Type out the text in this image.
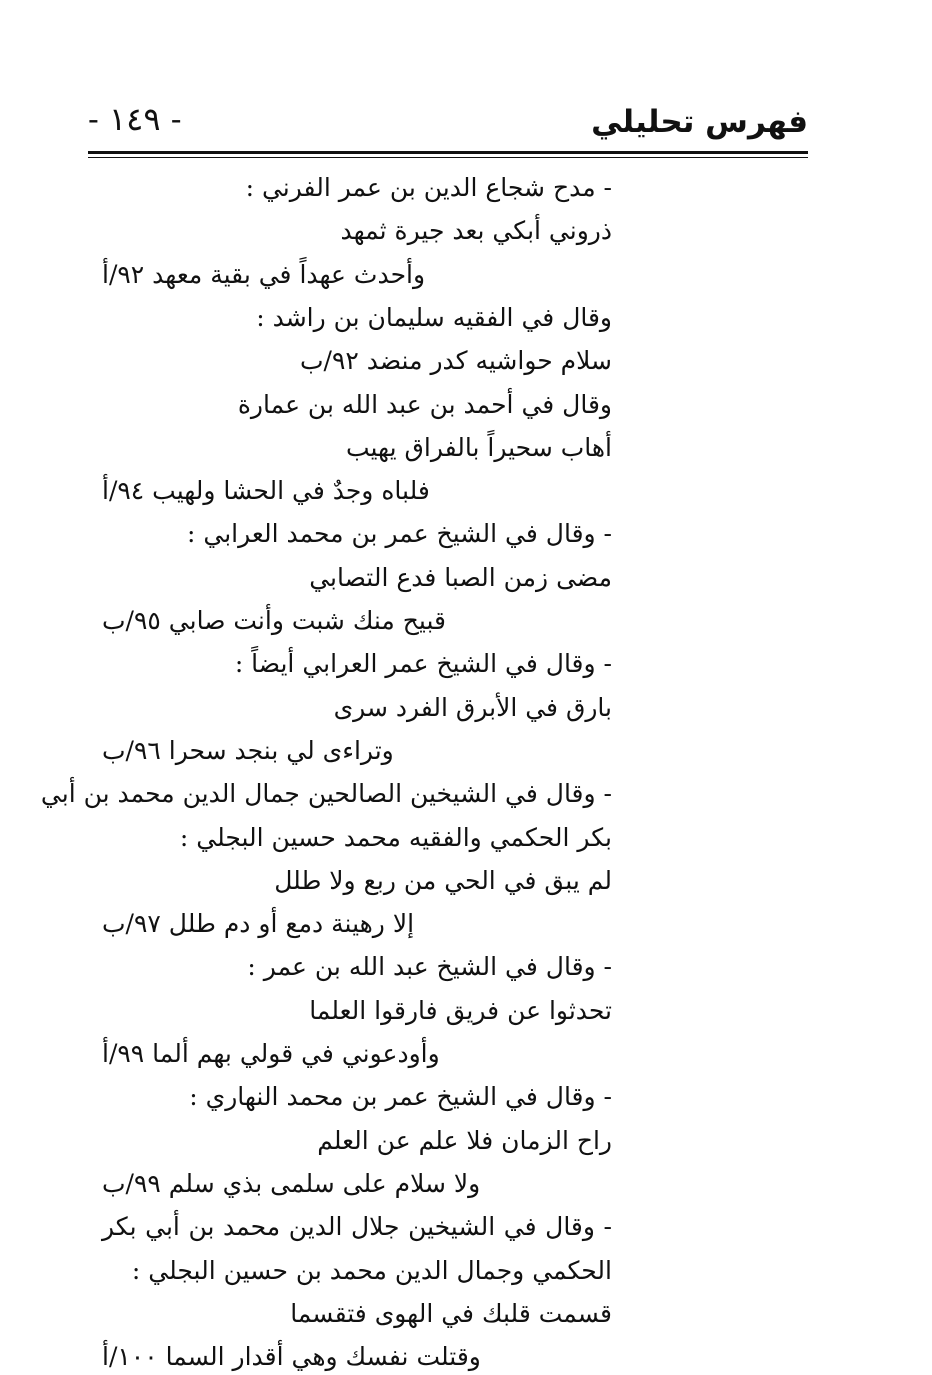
- ١٤٩ -	فهرس تحليلي
- مدح شجاع الدين بن عمر الفرني :
ذروني أبكي بعد جيرة ثمهد
وأحدث عهداً في بقية معهد ٩٢/أ
وقال في الفقيه سليمان بن راشد :
سلام حواشيه كدر منضد ٩٢/ب
وقال في أحمد بن عبد الله بن عمارة
أهاب سحيراً بالفراق يهيب
فلباه وجدٌ في الحشا ولهيب ٩٤/أ
- وقال في الشيخ عمر بن محمد العرابي :
مضى زمن الصبا فدع التصابي
قبيح منك شبت وأنت صابي ٩٥/ب
- وقال في الشيخ عمر العرابي أيضاً :
بارق في الأبرق الفرد سرى
وتراءى لي بنجد سحرا ٩٦/ب
- وقال في الشيخين الصالحين جمال الدين محمد بن أبي
بكر الحكمي والفقيه محمد حسين البجلي :
لم يبق في الحي من ربع ولا طلل
إلا رهينة دمع أو دم طلل ٩٧/ب
- وقال في الشيخ عبد الله بن عمر :
تحدثوا عن فريق فارقوا العلما
وأودعوني في قولي بهم ألما ٩٩/أ
- وقال في الشيخ عمر بن محمد النهاري :
راح الزمان فلا علم عن العلم
ولا سلام على سلمى بذي سلم ٩٩/ب
- وقال في الشيخين جلال الدين محمد بن أبي بكر
الحكمي وجمال الدين محمد بن حسين البجلي :
قسمت قلبك في الهوى فتقسما
وقتلت نفسك وهي أقدار السما ١٠٠/أ
